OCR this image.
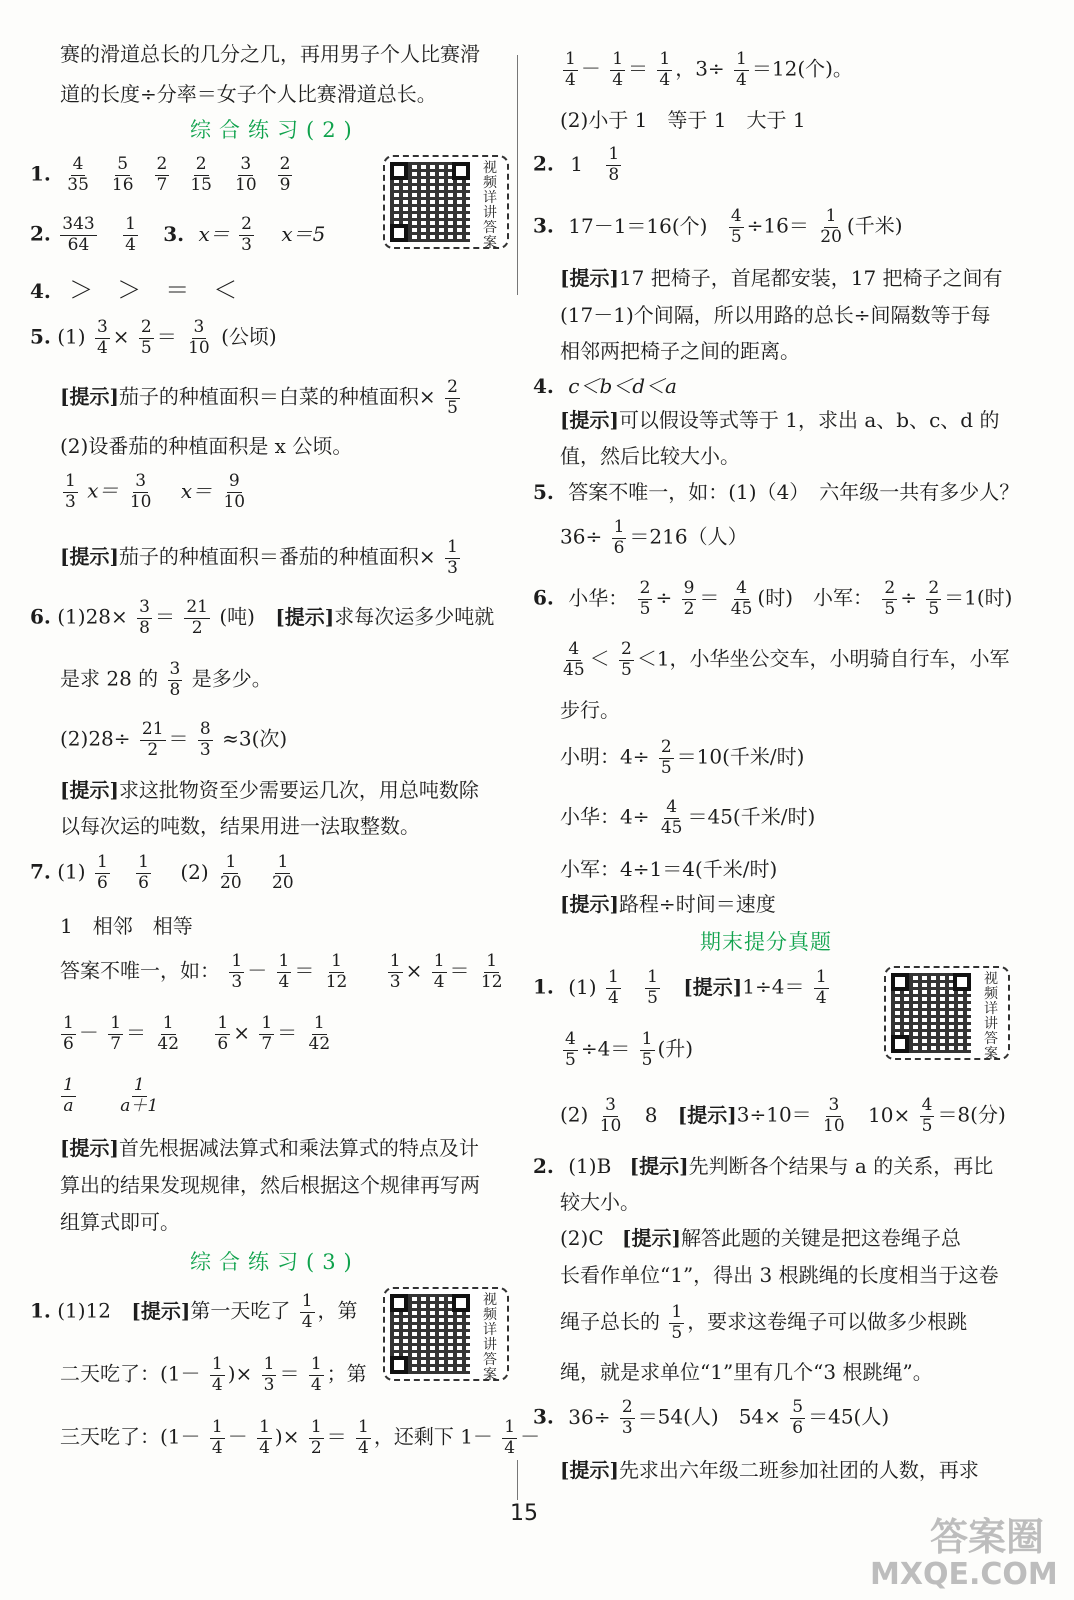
赛的滑道总长的几分之几，再用男子个人比赛滑
道的长度÷分率＝女子个人比赛滑道总长。
综合练习(2)
1. $\frac{4}{35} \frac{5}{16} \frac{2}{7} \frac{2}{15} \frac{3}{10} \frac{2}{9}$	视频详讲答案
2. $\frac{343}{64}$
$\frac{1}{4} 3$. $x= \frac{2}{3} x=5$
4. ＞　＞　＝　＜
5. $(1) \frac{3}{4} \times \frac{2}{5} = \frac{3}{10}$ (公顷)
[提示]茄子的种植面积＝白菜的种植面积× $\frac{2}{5}$
(2)设番茄的种植面积是 x 公顷。
$\frac{1}{3} x= \frac{3}{10} x= \frac{9}{10}$
[提示]茄子的种植面积＝番茄的种植面积× $\frac{1}{3}$
6. $(1)28\times \frac{3}{8} = \frac{21}{2}$ (吨) [提示]求每次运多少吨就
是求 28 的 $\frac{3}{8}$ 是多少。
$(2)28\div \frac{21}{2} = \frac{8}{3} \approx 3$(次)
[提示]求这批物资至少需要运几次，用总吨数除
以每次运的吨数，结果用进一法取整数。
7. $(1) \frac{1}{6}$
$\frac{1}{6} (2) \frac{1}{20}$
$\frac{1}{20}$
1　相邻　相等
答案不唯一，如： $\frac{1}{3} - \frac{1}{4} = \frac{1}{12}$
$\frac{1}{3} \times \frac{1}{4} = \frac{1}{12}$
$\frac{1}{6} - \frac{1}{7} = \frac{1}{42}$
$\frac{1}{6} \times \frac{1}{7} = \frac{1}{42}$
$\frac{1}{a}$
$\frac{1}{a+1}$
[提示]首先根据减法算式和乘法算式的特点及计
算出的结果发现规律，然后根据这个规律再写两
组算式即可。
综合练习(3)
视频详讲答案
1. (1)12 [提示]第一天吃了 $\frac{1}{4}$ ，第
二天吃了：($1- \frac{1}{4}$ )× $\frac{1}{3} = \frac{1}{4}$ ；第
三天吃了：($1- \frac{1}{4} - \frac{1}{4}$ )× $\frac{1}{2} = \frac{1}{4}$ ，还剩下 $1- \frac{1}{4}$ －
$\frac{1}{4} - \frac{1}{4} = \frac{1}{4}$ ，$3\div \frac{1}{4} =12$(个)。
(2)小于 1　等于 1　大于 1
2. $1 \frac{1}{8}$
3. 17－1＝16(个) $\frac{4}{5} \div 16= \frac{1}{20}$ (千米)
[提示]17 把椅子，首尾都安装，17 把椅子之间有
(17－1)个间隔，所以用路的总长÷间隔数等于每
相邻两把椅子之间的距离。
4. c＜b＜d＜a
[提示]可以假设等式等于 1，求出 a、b、c、d 的
值，然后比较大小。
5. 答案不唯一，如：(1)（4）　六年级一共有多少人？
$36\div \frac{1}{6} =216$（人）
6. 小华： $\frac{2}{5} \div \frac{9}{2} = \frac{4}{45}$ (时)　小军： $\frac{2}{5} \div \frac{2}{5} =1$(时)
$\frac{4}{45} < \frac{2}{5} <1$，小华坐公交车，小明骑自行车，小军
步行。
小明：$4\div \frac{2}{5} =10$(千米/时)
小华：$4\div \frac{4}{45} =45$(千米/时)
小军：4÷1＝4(千米/时)
[提示]路程÷时间＝速度
期末提分真题
视频详讲答案
1. $(1) \frac{1}{4}$
$\frac{1}{5}$ [提示]$1\div 4= \frac{1}{4}$
$\frac{4}{5} \div 4= \frac{1}{5}$ (升)
$(2) \frac{3}{10} 8$ [提示]$3\div 10= \frac{3}{10} 10\times \frac{4}{5} =8$(分)
2. (1)B [提示]先判断各个结果与 a 的关系，再比
较大小。
(2)C [提示]解答此题的关键是把这卷绳子总
长看作单位“1”，得出 3 根跳绳的长度相当于这卷
绳子总长的 $\frac{1}{5}$ ，要求这卷绳子可以做多少根跳
绳，就是求单位“1”里有几个“3 根跳绳”。
3. $36\div \frac{2}{3} =54$(人)　$54\times \frac{5}{6} =45$(人)
[提示]先求出六年级二班参加社团的人数，再求
15
答案圈
MXQE.COM
